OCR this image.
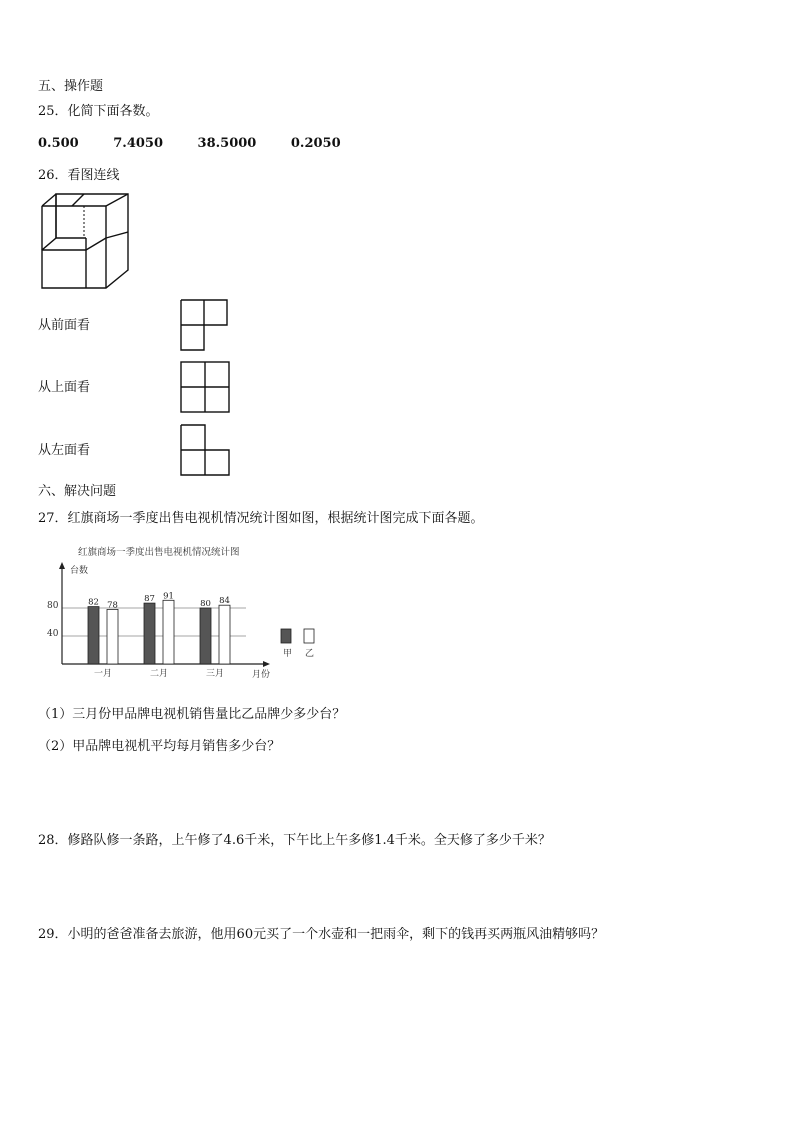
五、操作题
25．化简下面各数。
0.500	7.4050	38.5000	0.2050
26．看图连线
从前面看
从上面看
从左面看
六、解决问题
27．红旗商场一季度出售电视机情况统计图如图，根据统计图完成下面各题。
红旗商场一季度出售电视机情况统计图
台数
月份
40
80
甲 乙
82 78
一月
87 91
二月
80 84
三月
（1）三月份甲品牌电视机销售量比乙品牌少多少台？
（2）甲品牌电视机平均每月销售多少台？
28．修路队修一条路，上午修了4.6千米，下午比上午多修1.4千米。全天修了多少千米？
29．小明的爸爸准备去旅游，他用60元买了一个水壶和一把雨伞，剩下的钱再买两瓶风油精够吗？
